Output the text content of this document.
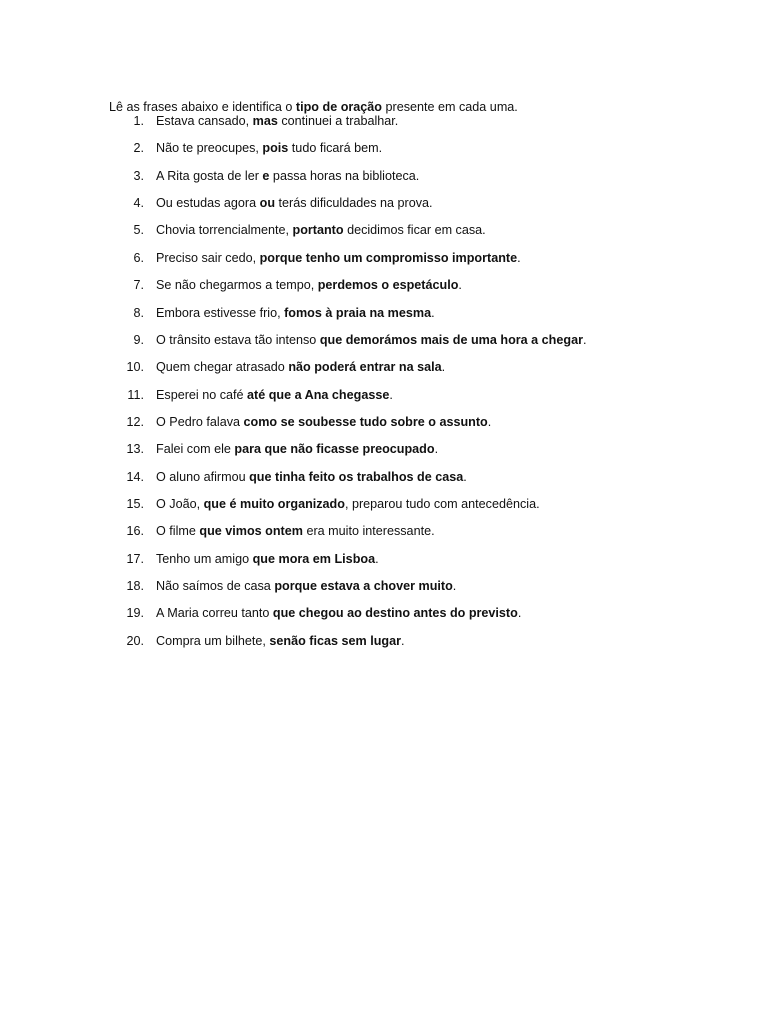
Lê as frases abaixo e identifica o tipo de oração presente em cada uma.

1. Estava cansado, mas continuei a trabalhar.
2. Não te preocupes, pois tudo ficará bem.
3. A Rita gosta de ler e passa horas na biblioteca.
4. Ou estudas agora ou terás dificuldades na prova.
5. Chovia torrencialmente, portanto decidimos ficar em casa.
6. Preciso sair cedo, porque tenho um compromisso importante.
7. Se não chegarmos a tempo, perdemos o espetáculo.
8. Embora estivesse frio, fomos à praia na mesma.
9. O trânsito estava tão intenso que demorámos mais de uma hora a chegar.
10. Quem chegar atrasado não poderá entrar na sala.
11. Esperei no café até que a Ana chegasse.
12. O Pedro falava como se soubesse tudo sobre o assunto.
13. Falei com ele para que não ficasse preocupado.
14. O aluno afirmou que tinha feito os trabalhos de casa.
15. O João, que é muito organizado, preparou tudo com antecedência.
16. O filme que vimos ontem era muito interessante.
17. Tenho um amigo que mora em Lisboa.
18. Não saímos de casa porque estava a chover muito.
19. A Maria correu tanto que chegou ao destino antes do previsto.
20. Compra um bilhete, senão ficas sem lugar.
